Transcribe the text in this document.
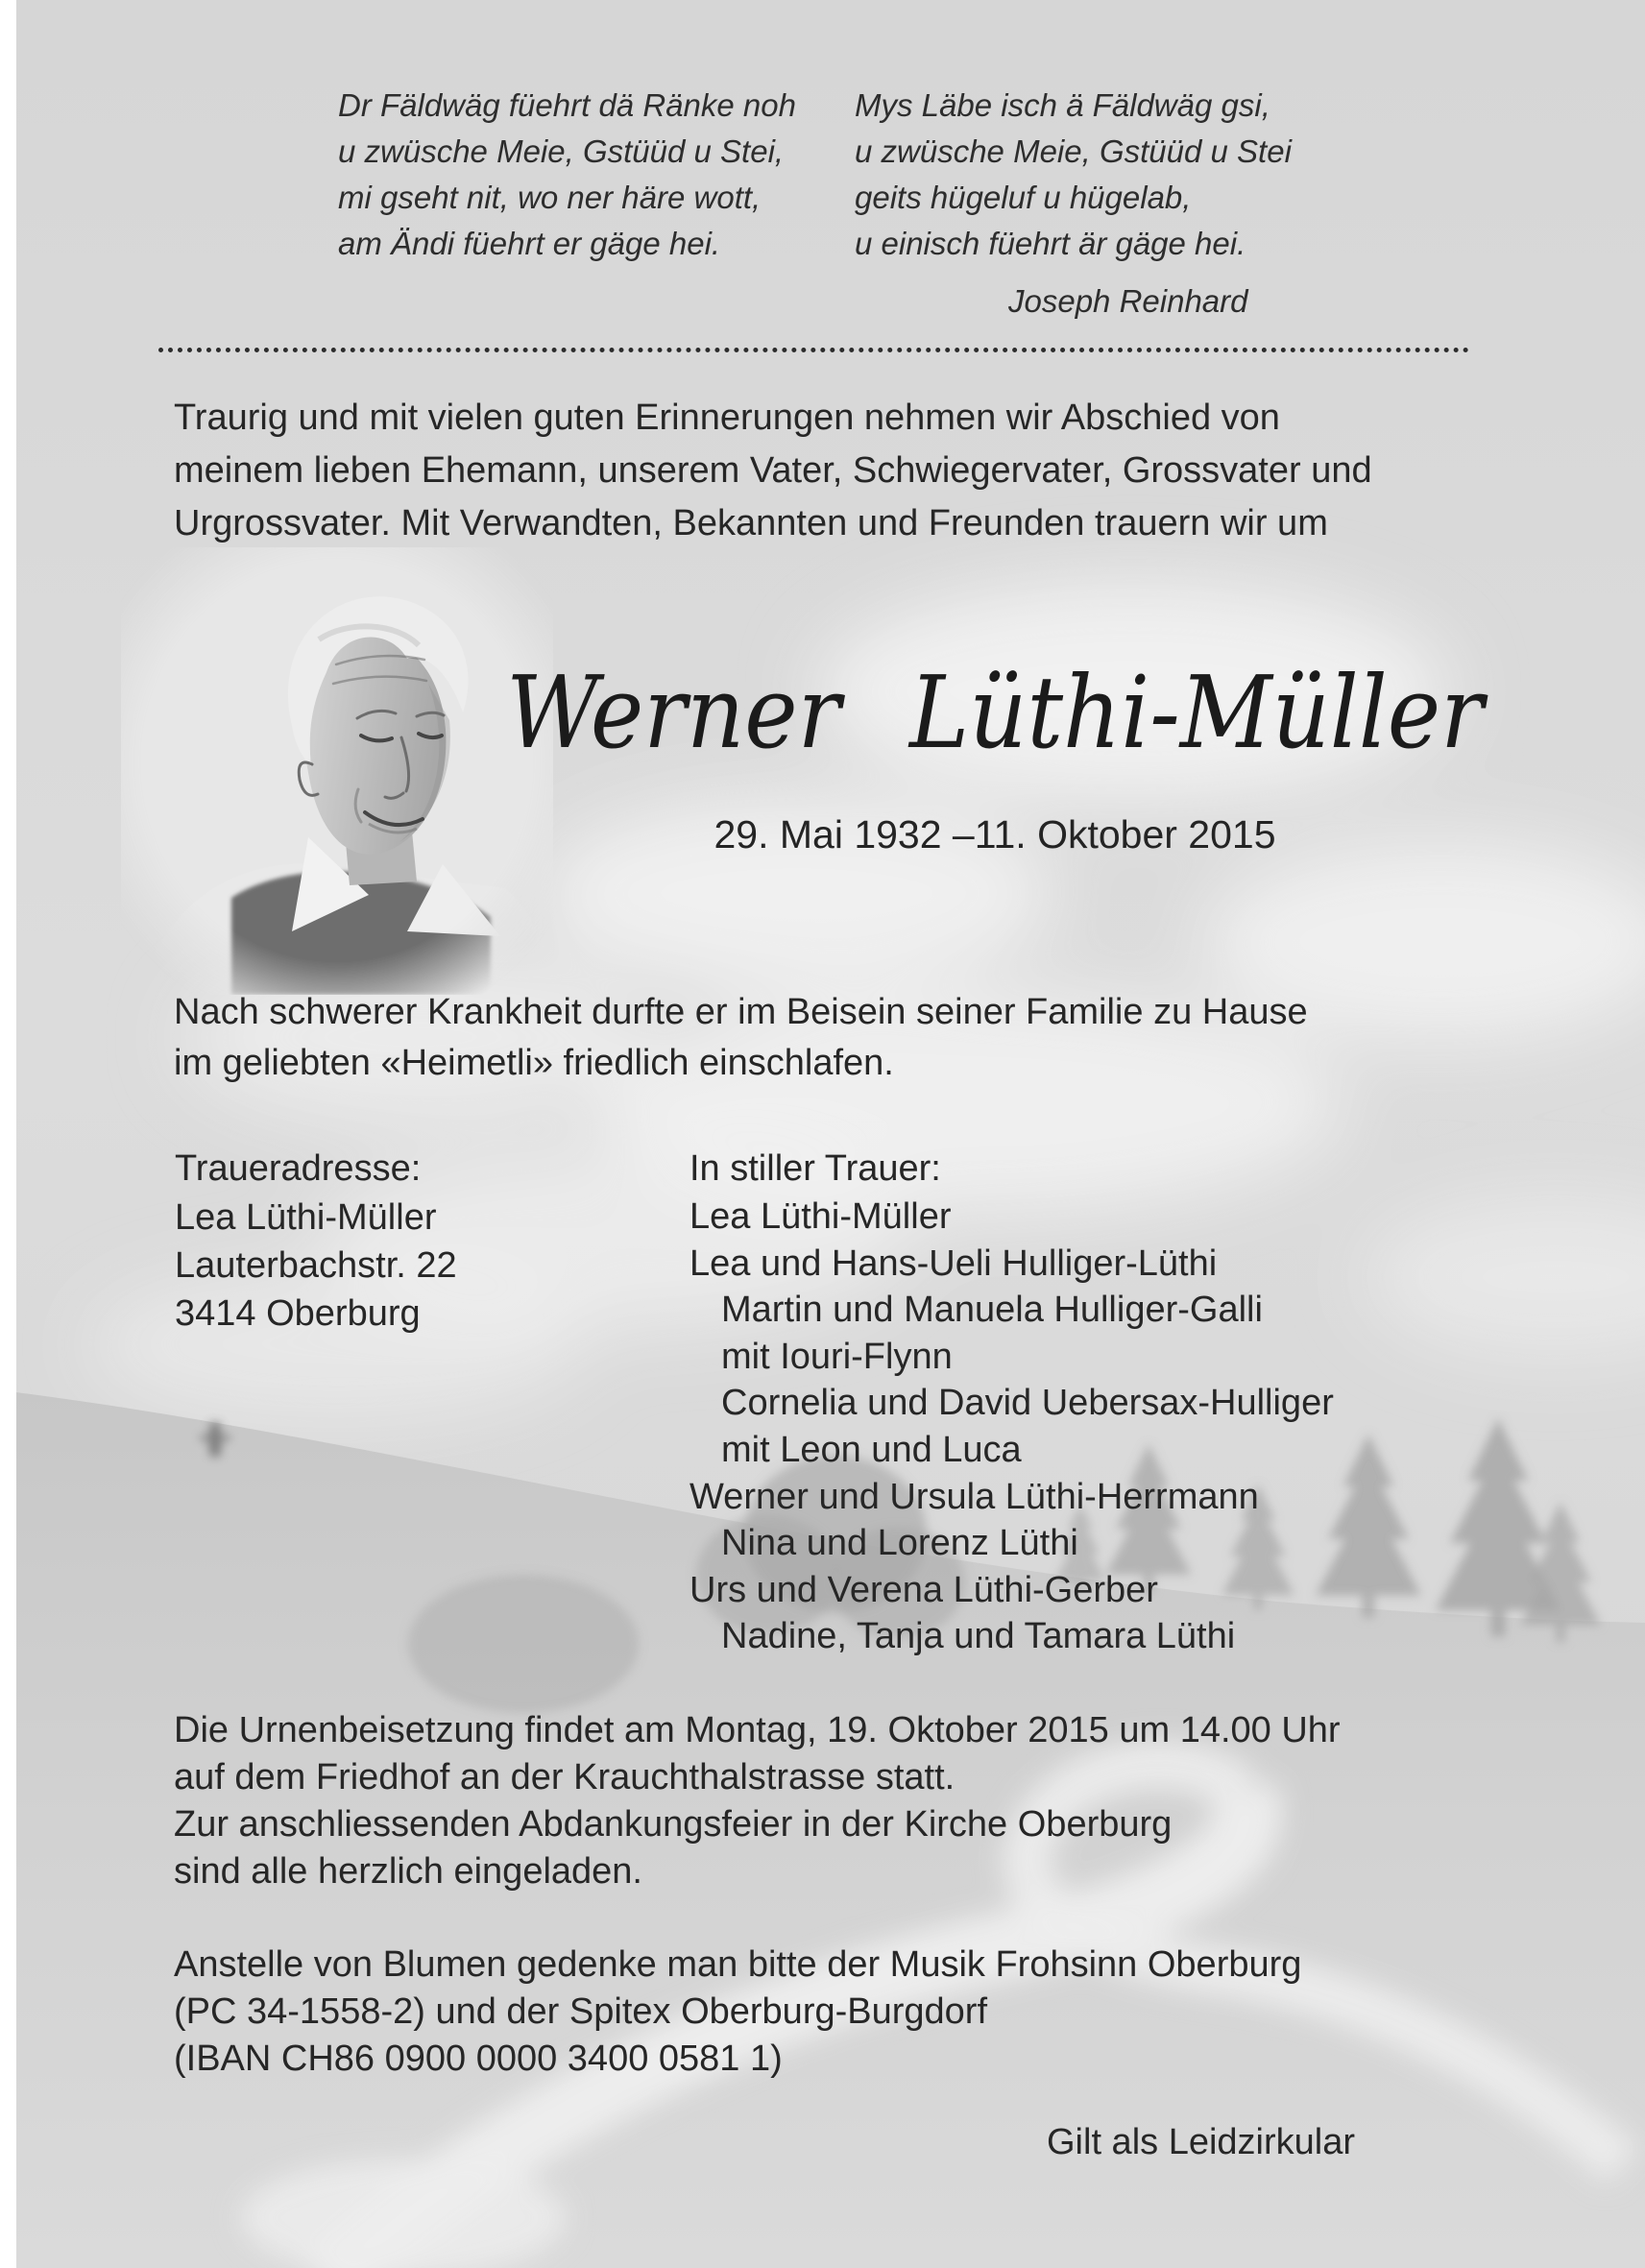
Dr Fäldwäg füehrt dä Ränke noh
u zwüsche Meie, Gstüüd u Stei,
mi gseht nit, wo ner häre wott,
am Ändi füehrt er gäge hei.
Mys Läbe isch ä Fäldwäg gsi,
u zwüsche Meie, Gstüüd u Stei
geits hügeluf u hügelab,
u einisch füehrt är gäge hei.
Joseph Reinhard
Traurig und mit vielen guten Erinnerungen nehmen wir Abschied von
meinem lieben Ehemann, unserem Vater, Schwiegervater, Grossvater und
Urgrossvater. Mit Verwandten, Bekannten und Freunden trauern wir um
Werner Lüthi-Müller
29. Mai 1932 –11. Oktober 2015
Nach schwerer Krankheit durfte er im Beisein seiner Familie zu Hause
im geliebten «Heimetli» friedlich einschlafen.
Traueradresse:
Lea Lüthi-Müller
Lauterbachstr. 22
3414 Oberburg
In stiller Trauer:
Lea Lüthi-Müller
Lea und Hans-Ueli Hulliger-Lüthi
Martin und Manuela Hulliger-Galli
mit Iouri-Flynn
Cornelia und David Uebersax-Hulliger
mit Leon und Luca
Werner und Ursula Lüthi-Herrmann
Nina und Lorenz Lüthi
Urs und Verena Lüthi-Gerber
Nadine, Tanja und Tamara Lüthi
Die Urnenbeisetzung findet am Montag, 19. Oktober 2015 um 14.00 Uhr
auf dem Friedhof an der Krauchthalstrasse statt.
Zur anschliessenden Abdankungsfeier in der Kirche Oberburg
sind alle herzlich eingeladen.
Anstelle von Blumen gedenke man bitte der Musik Frohsinn Oberburg
(PC 34-1558-2) und der Spitex Oberburg-Burgdorf
(IBAN CH86 0900 0000 3400 0581 1)
Gilt als Leidzirkular
